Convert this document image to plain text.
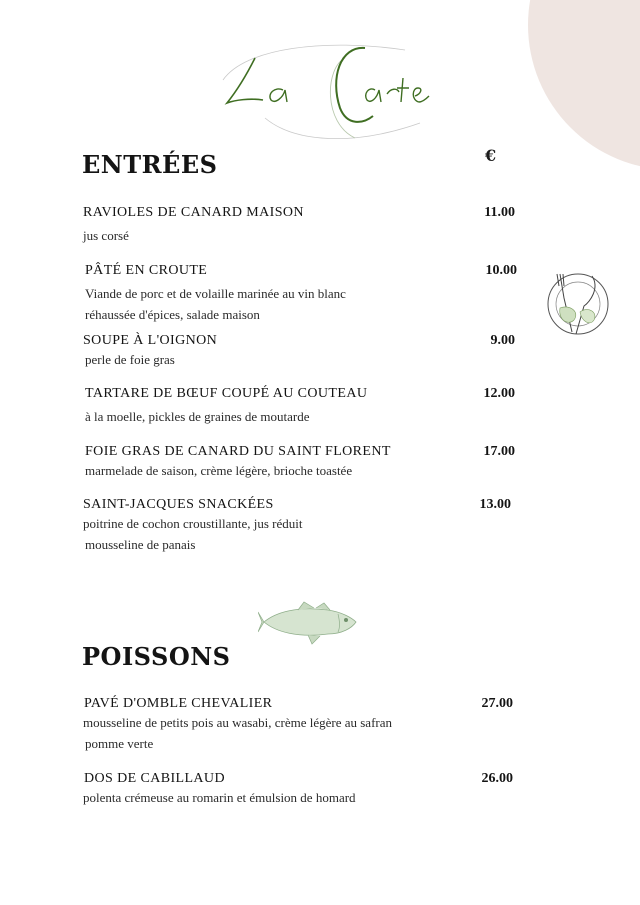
La Carte
ENTRÉES	€
RAVIOLES DE CANARD MAISON	11.00
jus corsé
PÂTÉ EN CROUTE	10.00
Viande de porc et de volaille marinée au vin blanc
réhaussée d'épices, salade maison
SOUPE À L'OIGNON	9.00
perle de foie gras
TARTARE DE BŒUF COUPÉ AU COUTEAU	12.00
à la moelle, pickles de graines de moutarde
FOIE GRAS DE CANARD DU SAINT FLORENT	17.00
marmelade de saison, crème légère, brioche toastée
SAINT-JACQUES SNACKÉES	13.00
poitrine de cochon croustillante, jus réduit
mousseline de panais
POISSONS
PAVÉ D'OMBLE CHEVALIER	27.00
mousseline de petits pois au wasabi, crème légère au safran
pomme verte
DOS DE CABILLAUD	26.00
polenta crémeuse au romarin et émulsion de homard
